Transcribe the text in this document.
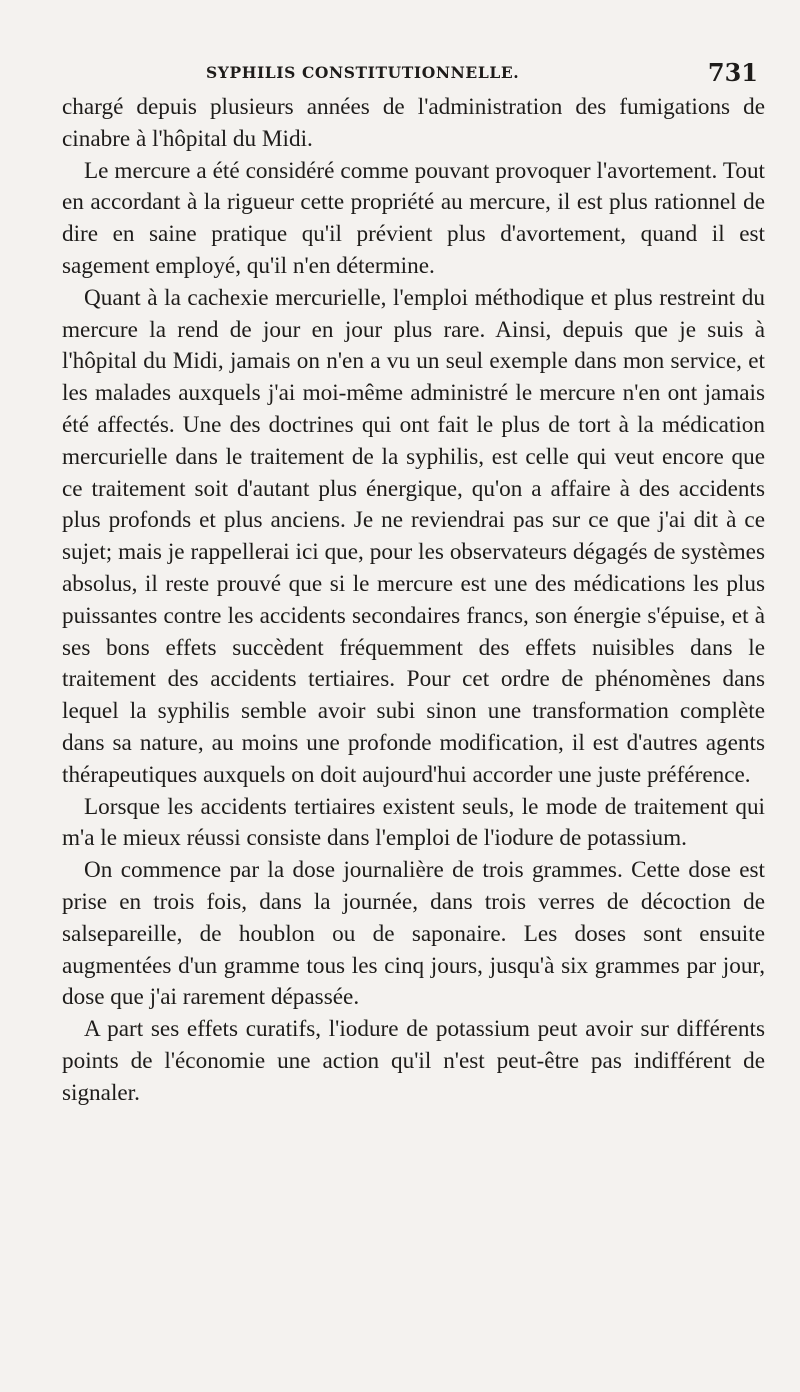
SYPHILIS CONSTITUTIONNELLE.	731

chargé depuis plusieurs années de l'administration des fumigations de cinabre à l'hôpital du Midi.

Le mercure a été considéré comme pouvant provoquer l'avortement. Tout en accordant à la rigueur cette propriété au mercure, il est plus rationnel de dire en saine pratique qu'il prévient plus d'avortement, quand il est sagement employé, qu'il n'en détermine.

Quant à la cachexie mercurielle, l'emploi méthodique et plus restreint du mercure la rend de jour en jour plus rare. Ainsi, depuis que je suis à l'hôpital du Midi, jamais on n'en a vu un seul exemple dans mon service, et les malades auxquels j'ai moi-même administré le mercure n'en ont jamais été affectés. Une des doctrines qui ont fait le plus de tort à la médication mercurielle dans le traitement de la syphilis, est celle qui veut encore que ce traitement soit d'autant plus énergique, qu'on a affaire à des accidents plus profonds et plus anciens. Je ne reviendrai pas sur ce que j'ai dit à ce sujet; mais je rappellerai ici que, pour les observateurs dégagés de systèmes absolus, il reste prouvé que si le mercure est une des médications les plus puissantes contre les accidents secondaires francs, son énergie s'épuise, et à ses bons effets succèdent fréquemment des effets nuisibles dans le traitement des accidents tertiaires. Pour cet ordre de phénomènes dans lequel la syphilis semble avoir subi sinon une transformation complète dans sa nature, au moins une profonde modification, il est d'autres agents thérapeutiques auxquels on doit aujourd'hui accorder une juste préférence.

Lorsque les accidents tertiaires existent seuls, le mode de traitement qui m'a le mieux réussi consiste dans l'emploi de l'iodure de potassium.

On commence par la dose journalière de trois grammes. Cette dose est prise en trois fois, dans la journée, dans trois verres de décoction de salsepareille, de houblon ou de saponaire. Les doses sont ensuite augmentées d'un gramme tous les cinq jours, jusqu'à six grammes par jour, dose que j'ai rarement dépassée.

A part ses effets curatifs, l'iodure de potassium peut avoir sur différents points de l'économie une action qu'il n'est peut-être pas indifférent de signaler.
